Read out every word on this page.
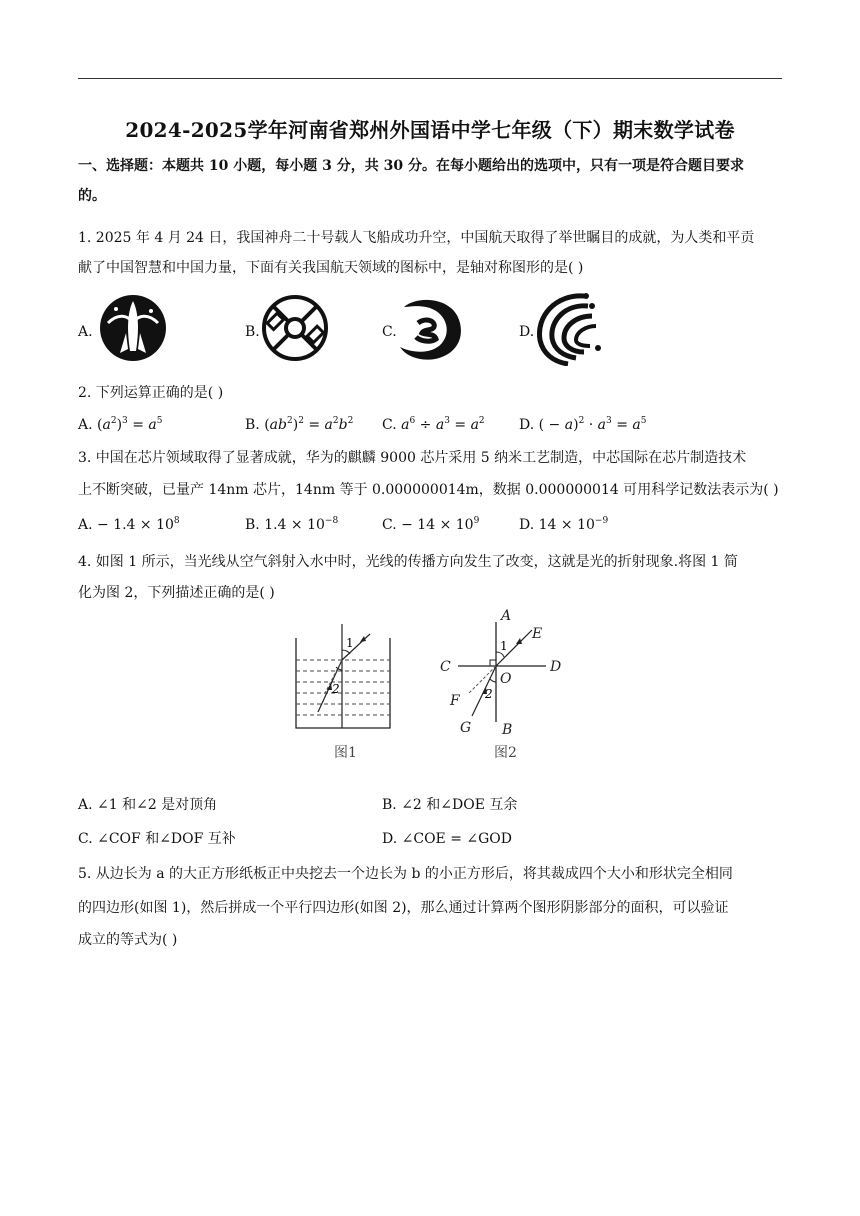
2024-2025学年河南省郑州外国语中学七年级（下）期末数学试卷
一、选择题：本题共 10 小题，每小题 3 分，共 30 分。在每小题给出的选项中，只有一项是符合题目要求
的。
1. 2025 年 4 月 24 日，我国神舟二十号载人飞船成功升空，中国航天取得了举世瞩目的成就，为人类和平贡
献了中国智慧和中国力量，下面有关我国航天领域的图标中，是轴对称图形的是( )
A.	B.	C.	D.
2. 下列运算正确的是( )
A. $(a^2)^3 = a^5$	B. $(ab^2)^2 = a^2b^2$ C. $a^6 \div a^3 = a^2$ D. ( − $a)^2 \cdot a^3 = a^5$
3. 中国在芯片领域取得了显著成就，华为的麒麟 9000 芯片采用 5 纳米工艺制造，中芯国际在芯片制造技术
上不断突破，已量产 14nm 芯片，14nm 等于 0.000000014m，数据 0.000000014 可用科学记数法表示为( )
A. − $1.4 \times 10^8$	B. $1.4 \times 10^{-8}$	C. − $14 \times 10^9$	D. $14 \times 10^{-9}$
4. 如图 1 所示，当光线从空气斜射入水中时，光线的传播方向发生了改变，这就是光的折射现象.将图 1 简
化为图 2，下列描述正确的是( )
1
2
图1
A
B
C	D
E
F
G
O
1
2
图2
A. ∠1 和∠2 是对顶角	B. ∠2 和∠DOE 互余
C. ∠COF 和∠DOF 互补	D. ∠COE = ∠GOD
5. 从边长为 a 的大正方形纸板正中央挖去一个边长为 b 的小正方形后，将其裁成四个大小和形状完全相同
的四边形(如图 1)，然后拼成一个平行四边形(如图 2)，那么通过计算两个图形阴影部分的面积，可以验证
成立的等式为( )
